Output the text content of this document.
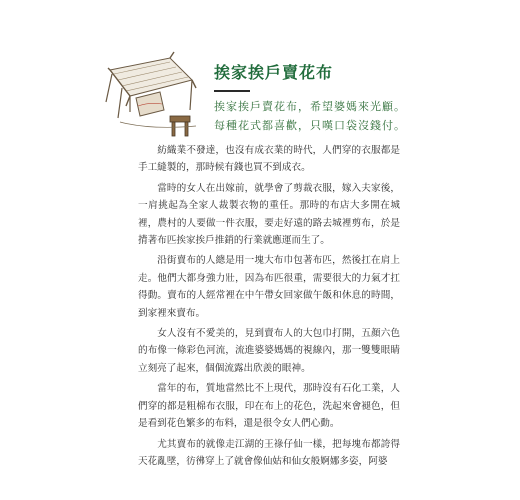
挨家挨戶賣花布
挨家挨戶賣花布，希望婆媽來光顧。
每種花式都喜歡，只嘆口袋沒錢付。

紡織業不發達，也沒有成衣業的時代，人們穿的衣服都是手工縫製的，那時候有錢也買不到成衣。

當時的女人在出嫁前，就學會了剪裁衣服，嫁入夫家後，一肩挑起為全家人裁製衣物的重任。那時的布店大多開在城裡，農村的人要做一件衣服，要走好遠的路去城裡剪布，於是揹著布匹挨家挨戶推銷的行業就應運而生了。

沿街賣布的人總是用一塊大布巾包著布匹，然後扛在肩上走。他們大都身強力壯，因為布匹很重，需要很大的力氣才扛得動。賣布的人經常裡在中午帶女回家做午飯和休息的時間，到家裡來賣布。

女人沒有不愛美的，見到賣布人的大包巾打開，五顏六色的布像一條彩色河流，流進婆婆媽媽的視線內，那一雙雙眼睛立刻亮了起來，個個流露出欣羨的眼神。

當年的布，質地當然比不上現代，那時沒有石化工業，人們穿的都是粗棉布衣服，印在布上的花色，洗起來會褪色，但是看到花色繁多的布料，還是很令女人們心動。

尤其賣布的就像走江湖的王祿仔仙一樣，把每塊布都誇得天花亂墜，彷彿穿上了就會像仙姑和仙女般婀娜多姿，阿婆
